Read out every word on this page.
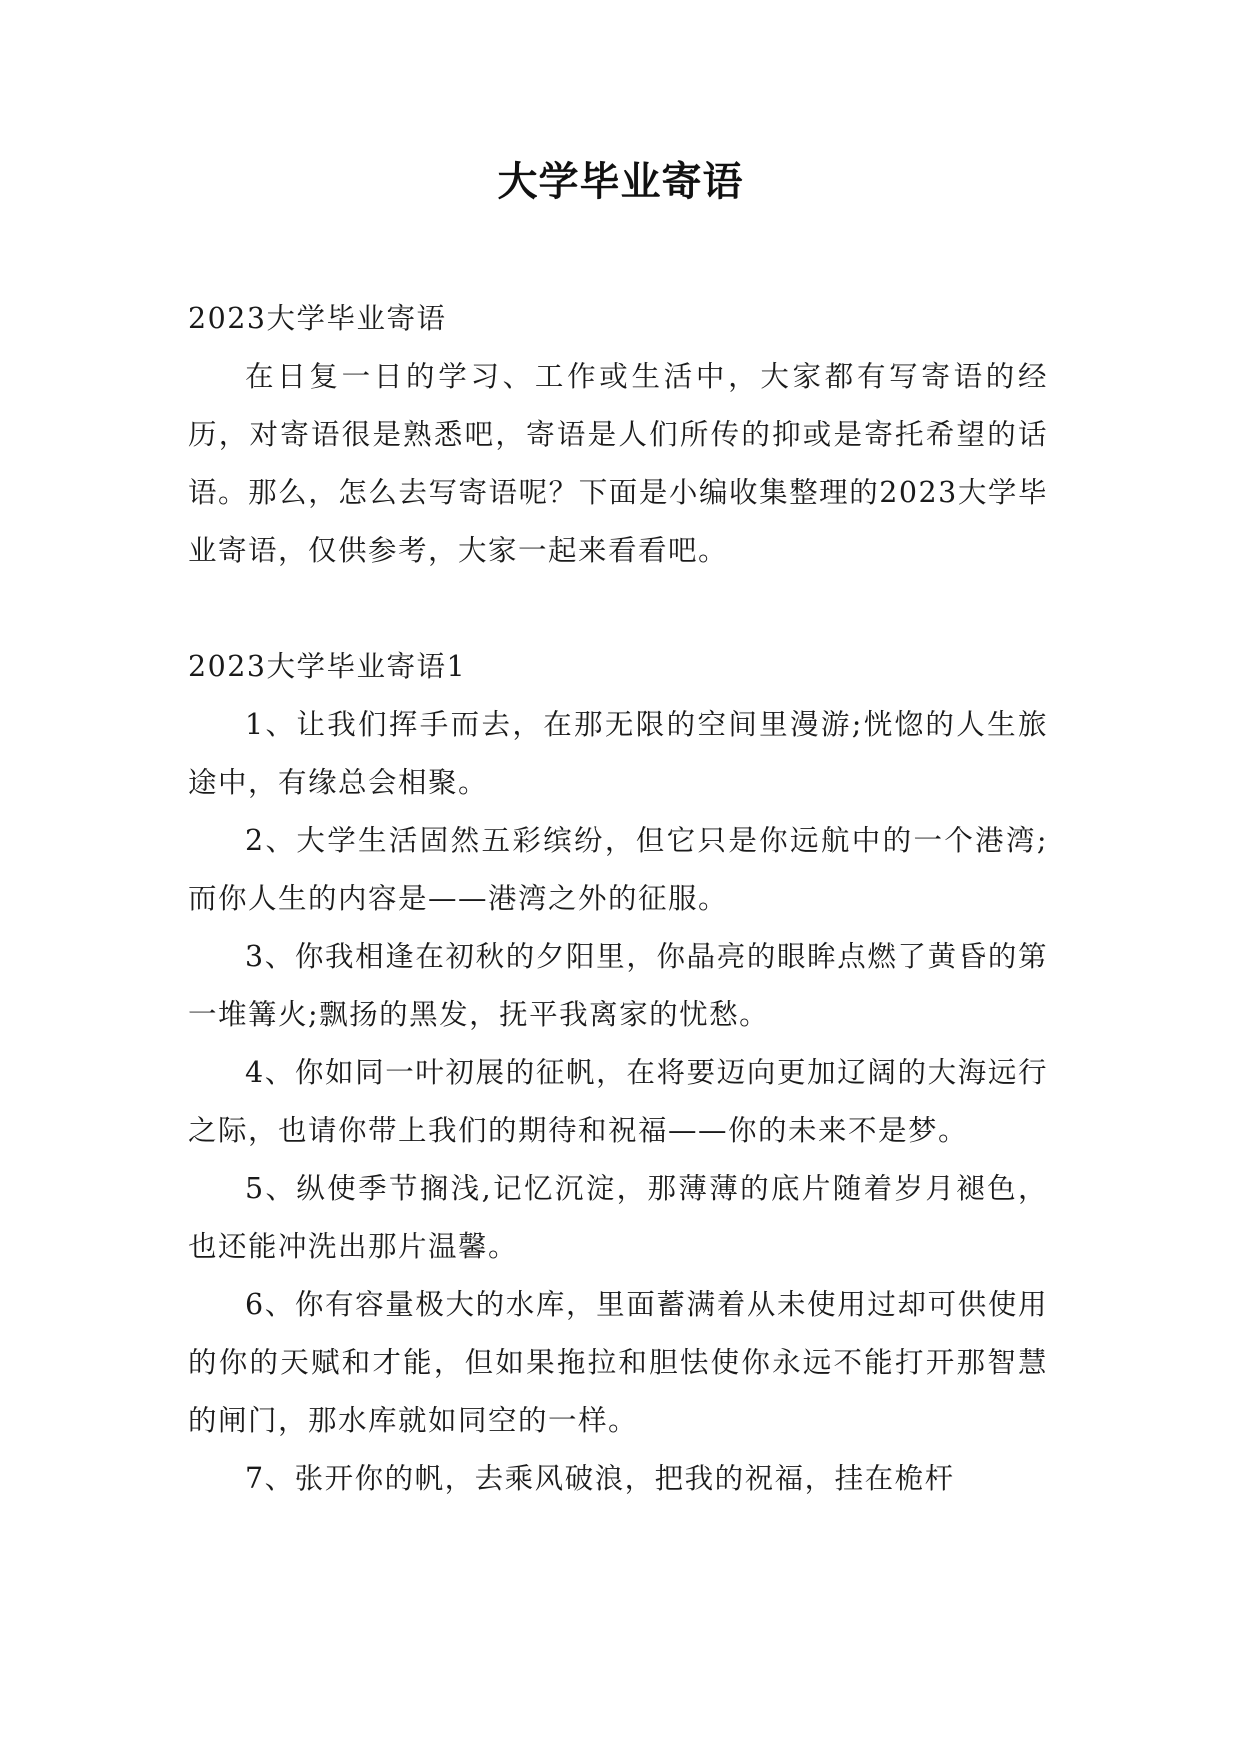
大学毕业寄语

2023大学毕业寄语

在日复一日的学习、工作或生活中，大家都有写寄语的经历，对寄语很是熟悉吧，寄语是人们所传的抑或是寄托希望的话语。那么，怎么去写寄语呢？下面是小编收集整理的2023大学毕业寄语，仅供参考，大家一起来看看吧。

2023大学毕业寄语1

1、让我们挥手而去，在那无限的空间里漫游;恍惚的人生旅途中，有缘总会相聚。

2、大学生活固然五彩缤纷，但它只是你远航中的一个港湾;而你人生的内容是——港湾之外的征服。

3、你我相逢在初秋的夕阳里，你晶亮的眼眸点燃了黄昏的第一堆篝火;飘扬的黑发，抚平我离家的忧愁。

4、你如同一叶初展的征帆，在将要迈向更加辽阔的大海远行之际，也请你带上我们的期待和祝福——你的未来不是梦。

5、纵使季节搁浅,记忆沉淀，那薄薄的底片随着岁月褪色，也还能冲洗出那片温馨。

6、你有容量极大的水库，里面蓄满着从未使用过却可供使用的你的天赋和才能，但如果拖拉和胆怯使你永远不能打开那智慧的闸门，那水库就如同空的一样。

7、张开你的帆，去乘风破浪，把我的祝福，挂在桅杆
